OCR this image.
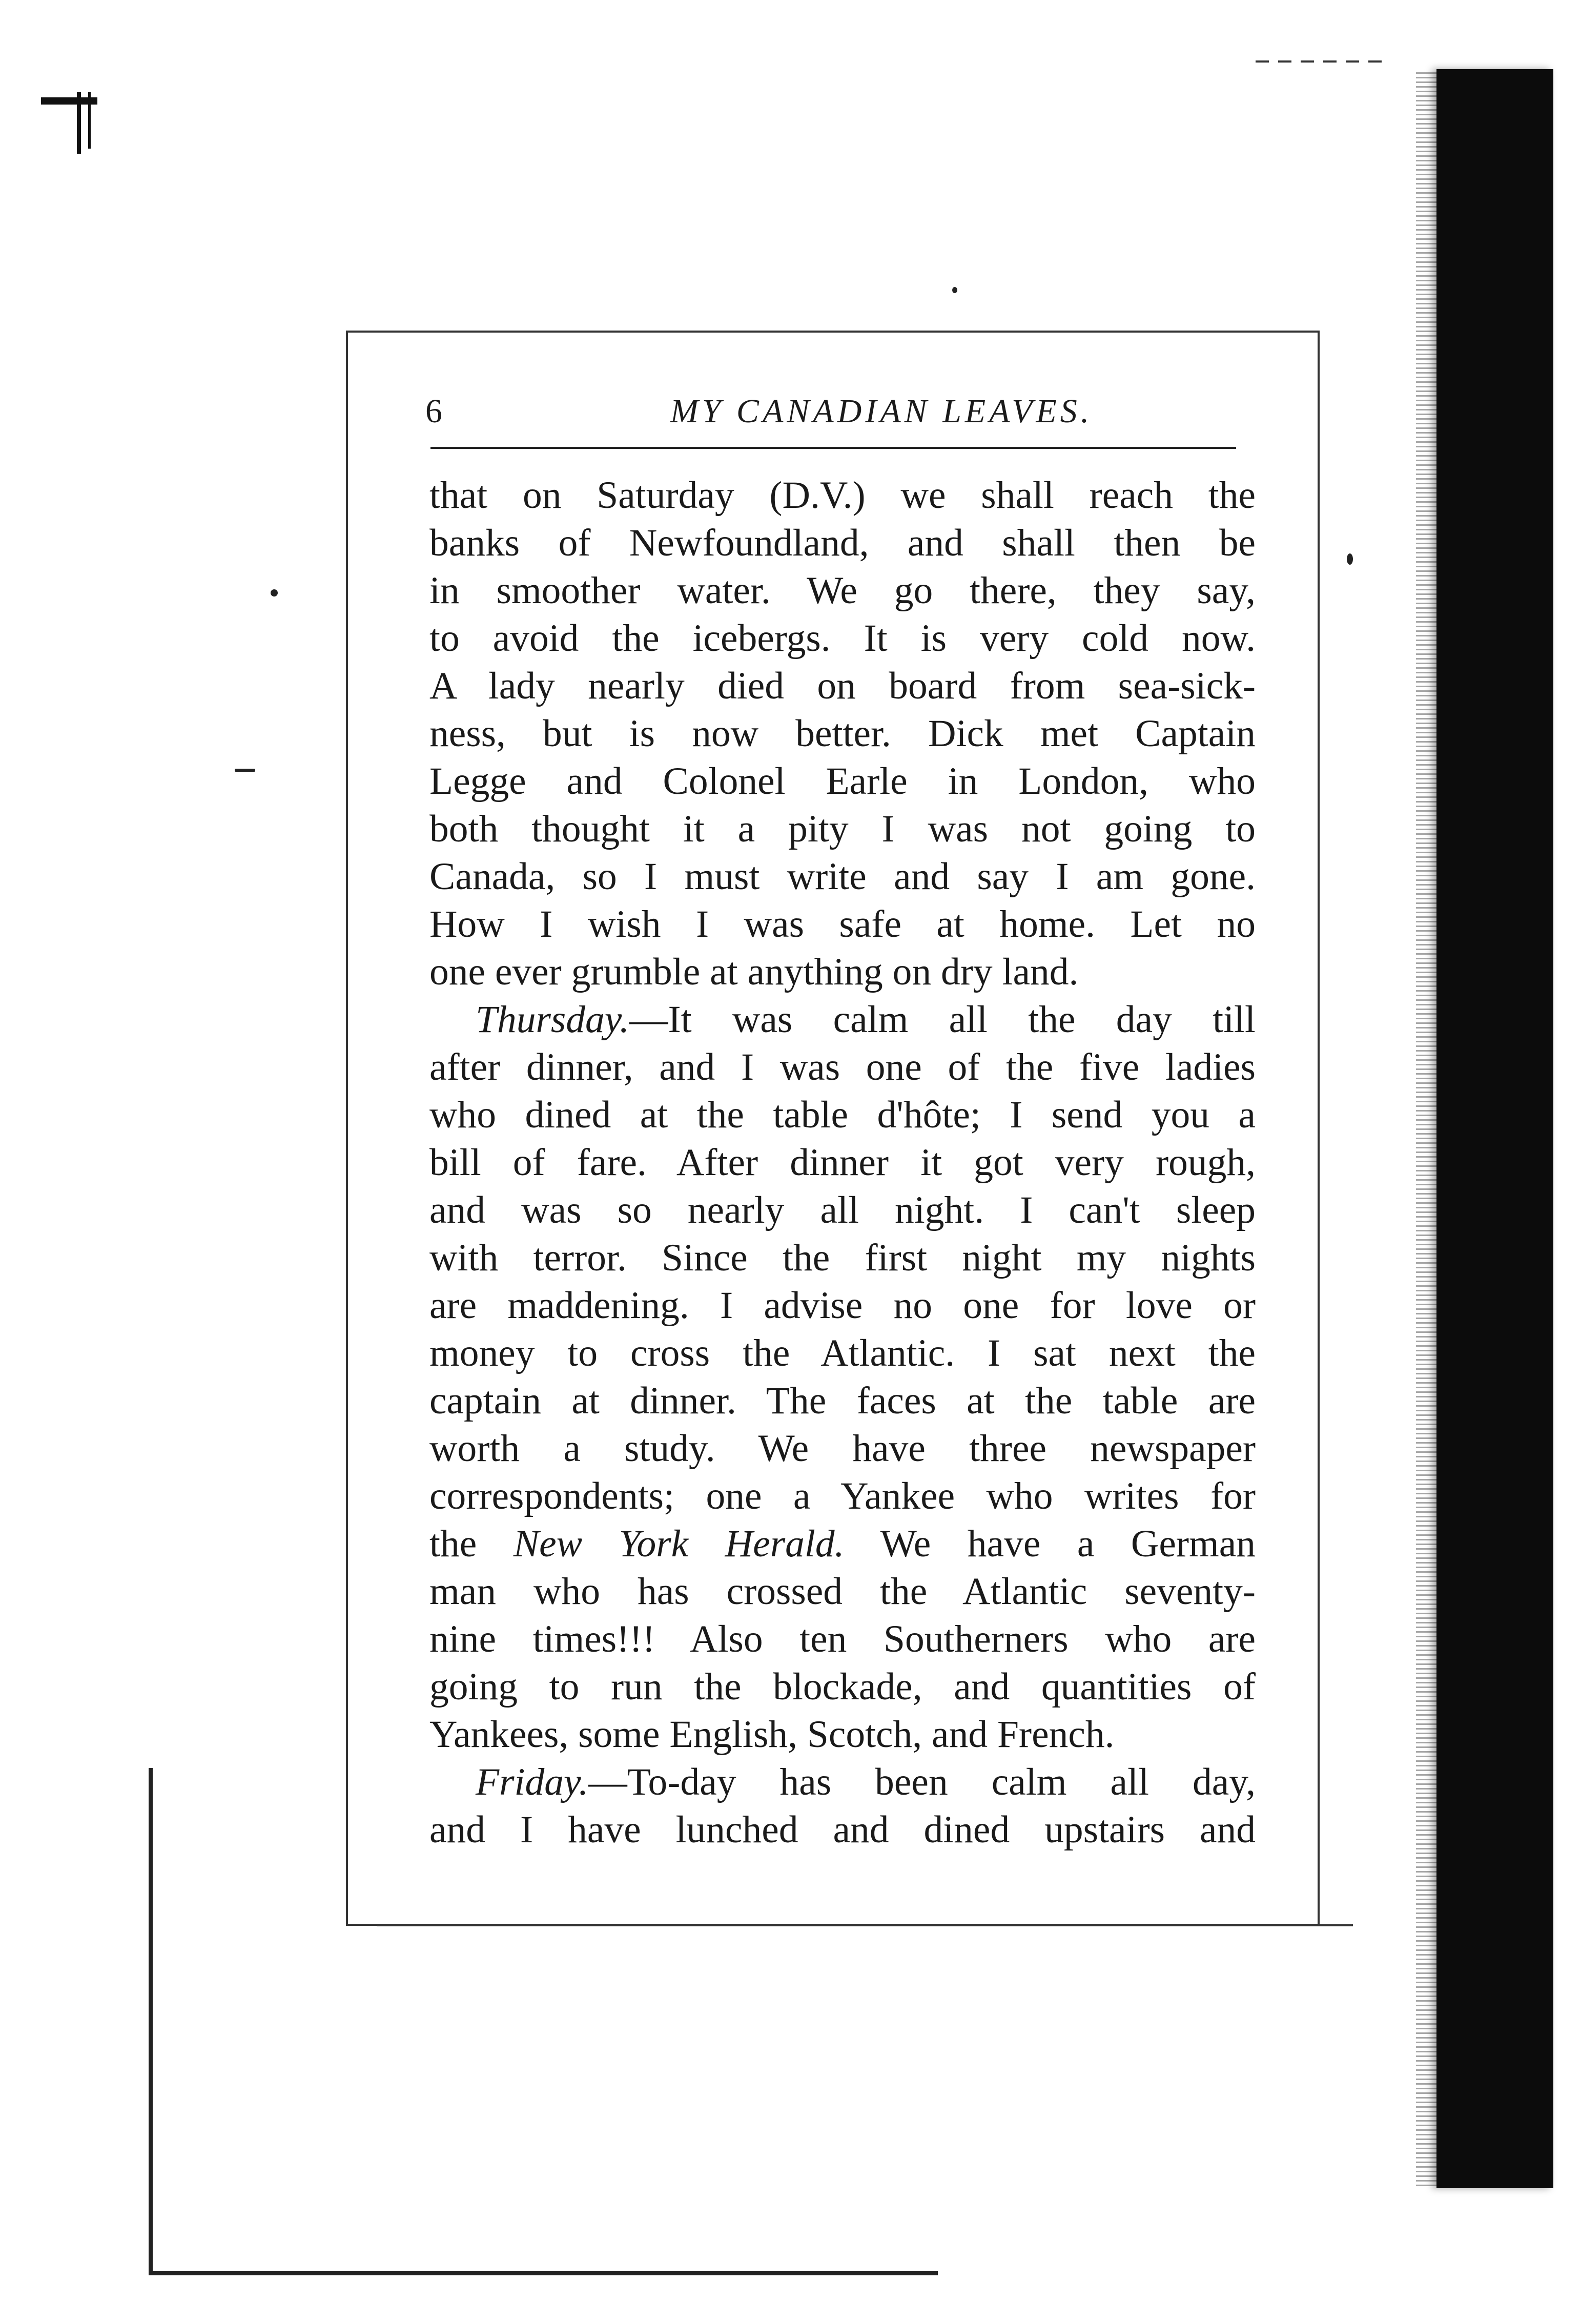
6	MY CANADIAN LEAVES.
that on Saturday (D.V.) we shall reach the
banks of Newfoundland, and shall then be
in smoother water. We go there, they say,
to avoid the icebergs. It is very cold now.
A lady nearly died on board from sea-sick-
ness, but is now better. Dick met Captain
Legge and Colonel Earle in London, who
both thought it a pity I was not going to
Canada, so I must write and say I am gone.
How I wish I was safe at home. Let no
one ever grumble at anything on dry land.
Thursday.—It was calm all the day till
after dinner, and I was one of the five ladies
who dined at the table d'hôte; I send you a
bill of fare. After dinner it got very rough,
and was so nearly all night. I can't sleep
with terror. Since the first night my nights
are maddening. I advise no one for love or
money to cross the Atlantic. I sat next the
captain at dinner. The faces at the table are
worth a study. We have three newspaper
correspondents; one a Yankee who writes for
the New York Herald. We have a German
man who has crossed the Atlantic seventy-
nine times!!! Also ten Southerners who are
going to run the blockade, and quantities of
Yankees, some English, Scotch, and French.
Friday.—To-day has been calm all day,
and I have lunched and dined upstairs and
